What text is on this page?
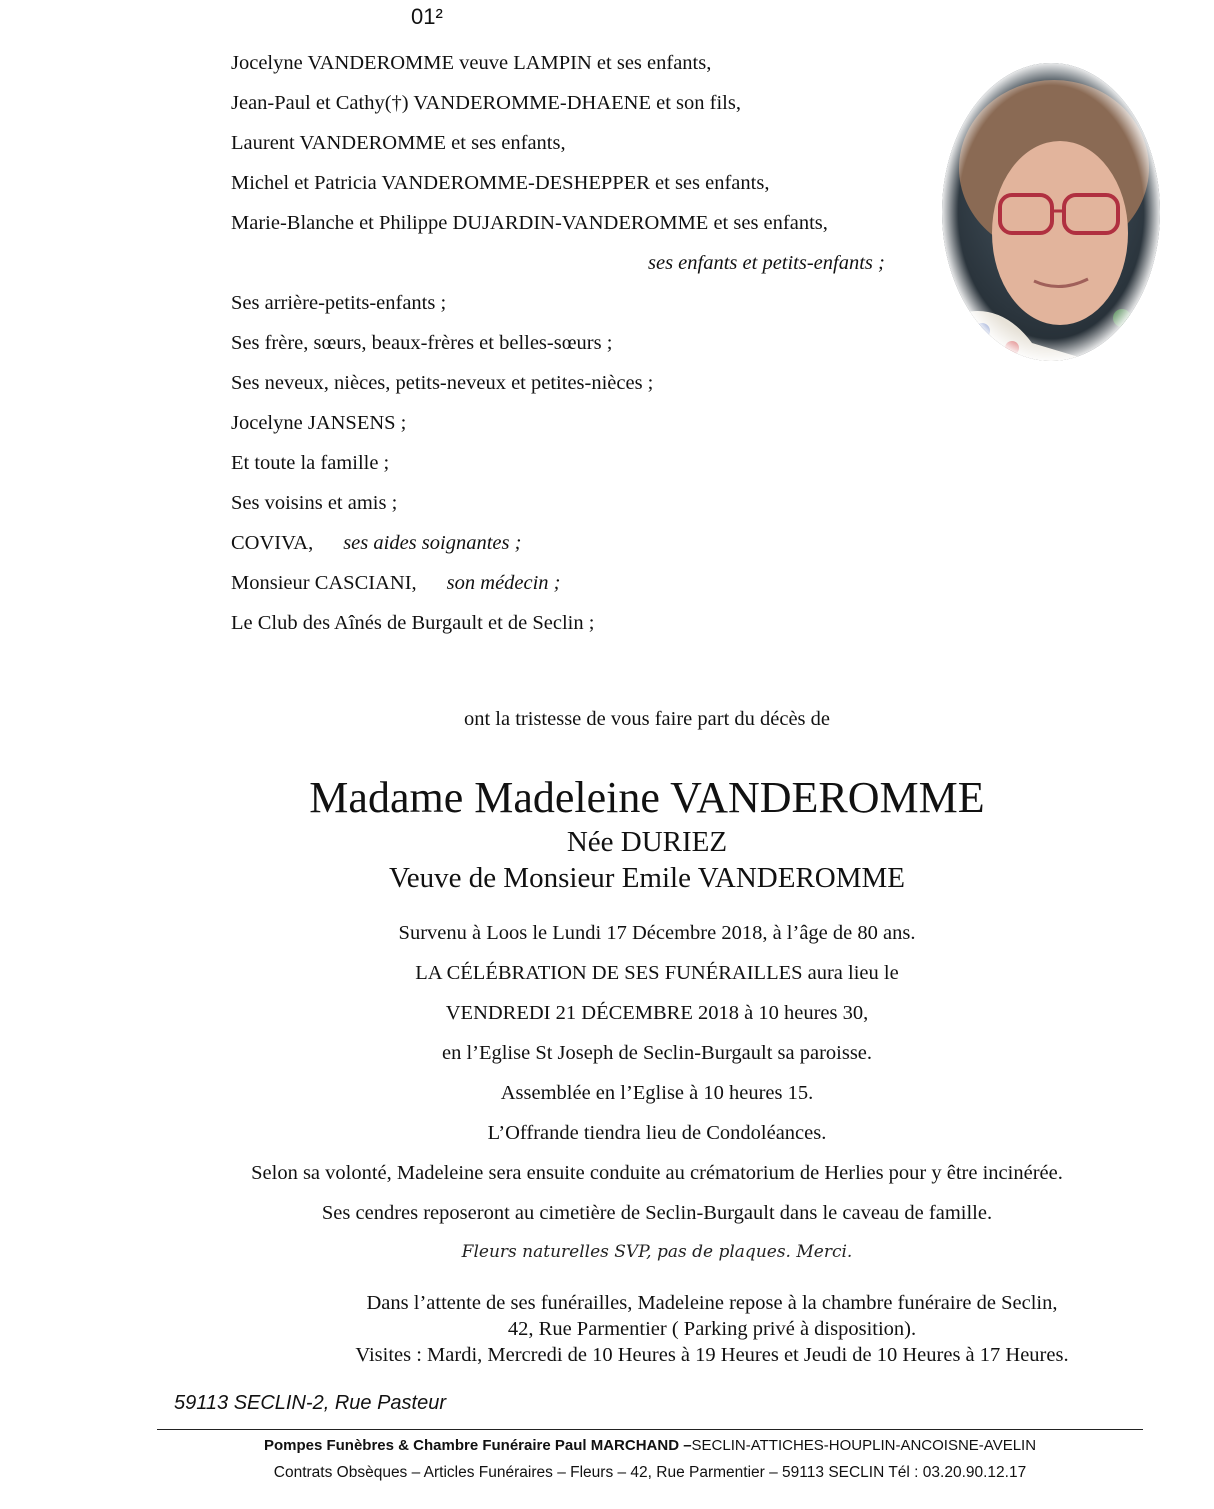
01²
Jocelyne VANDEROMME veuve LAMPIN et ses enfants,
Jean-Paul et Cathy(†) VANDEROMME-DHAENE et son fils,
Laurent VANDEROMME et ses enfants,
Michel et Patricia VANDEROMME-DESHEPPER et ses enfants,
Marie-Blanche et Philippe DUJARDIN-VANDEROMME et ses enfants,
ses enfants et petits-enfants ;
Ses arrière-petits-enfants ;
Ses frère, sœurs, beaux-frères et belles-sœurs ;
Ses neveux, nièces, petits-neveux et petites-nièces ;
Jocelyne JANSENS ;
Et toute la famille ;
Ses voisins et amis ;
COVIVA, ses aides soignantes ;
Monsieur CASCIANI, son médecin ;
Le Club des Aînés de Burgault et de Seclin ;
ont la tristesse de vous faire part du décès de
Madame Madeleine VANDEROMME
Née DURIEZ
Veuve de Monsieur Emile VANDEROMME
Survenu à Loos le Lundi 17 Décembre 2018, à l’âge de 80 ans.
LA CÉLÉBRATION DE SES FUNÉRAILLES aura lieu le
VENDREDI 21 DÉCEMBRE 2018 à 10 heures 30,
en l’Eglise St Joseph de Seclin-Burgault sa paroisse.
Assemblée en l’Eglise à 10 heures 15.
L’Offrande tiendra lieu de Condoléances.
Selon sa volonté, Madeleine sera ensuite conduite au crématorium de Herlies pour y être incinérée.
Ses cendres reposeront au cimetière de Seclin-Burgault dans le caveau de famille.
Fleurs naturelles SVP, pas de plaques. Merci.
Dans l’attente de ses funérailles, Madeleine repose à la chambre funéraire de Seclin,
42, Rue Parmentier ( Parking privé à disposition).
Visites : Mardi, Mercredi de 10 Heures à 19 Heures et Jeudi de 10 Heures à 17 Heures.
59113 SECLIN-2, Rue Pasteur
Pompes Funèbres & Chambre Funéraire Paul MARCHAND –SECLIN-ATTICHES-HOUPLIN-ANCOISNE-AVELIN
Contrats Obsèques – Articles Funéraires – Fleurs – 42, Rue Parmentier – 59113 SECLIN Tél : 03.20.90.12.17
